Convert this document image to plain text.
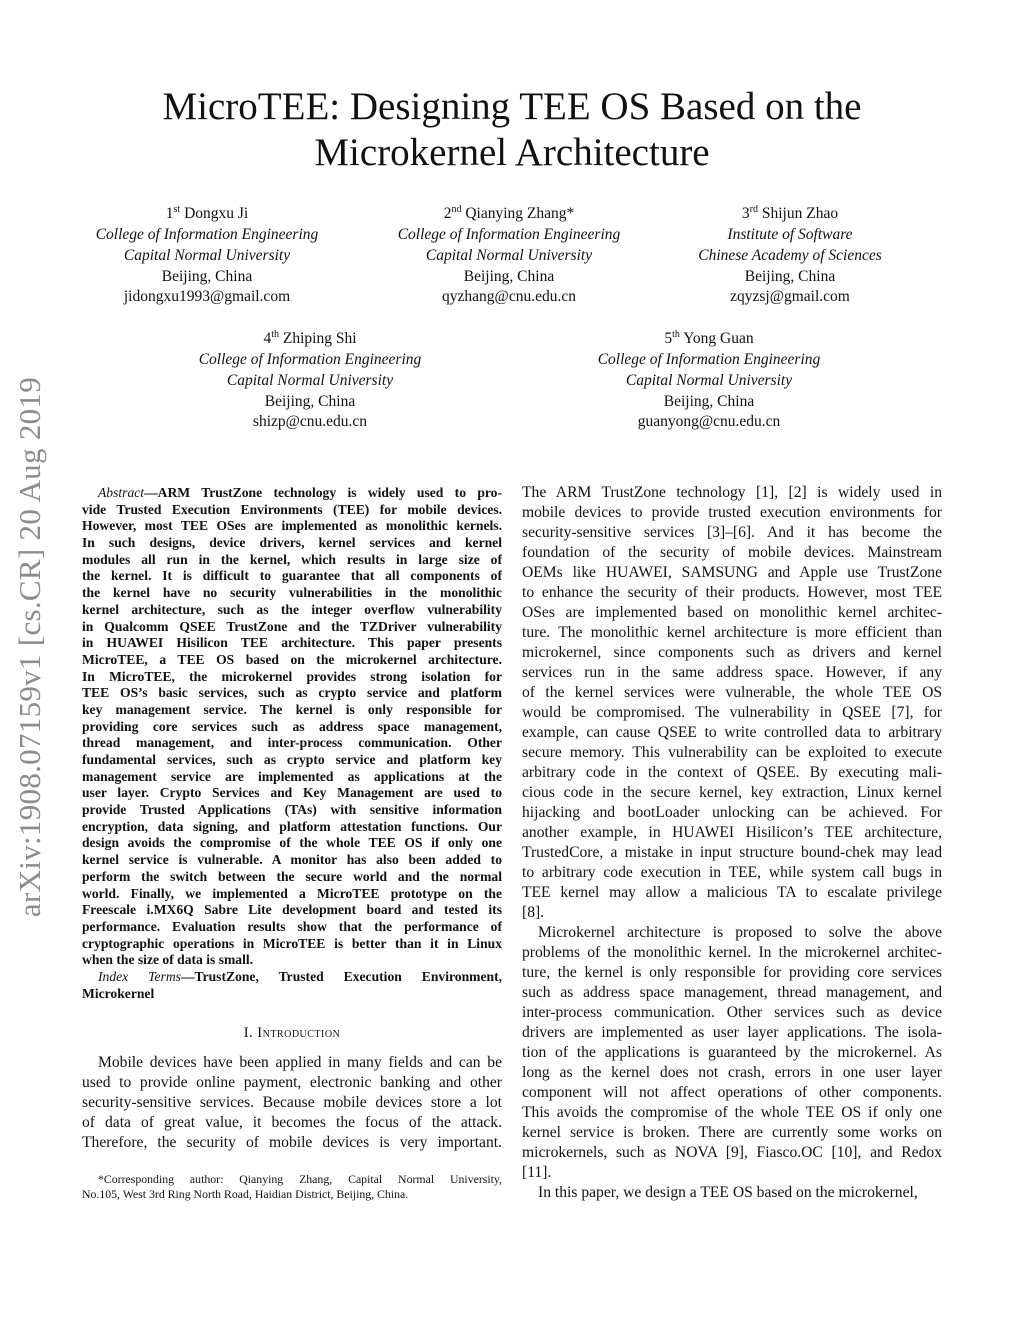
MicroTEE: Designing TEE OS Based on the
Microkernel Architecture
arXiv:1908.07159v1 [cs.CR] 20 Aug 2019
1st Dongxu Ji
College of Information Engineering
Capital Normal University
Beijing, China
jidongxu1993@gmail.com
2nd Qianying Zhang*
College of Information Engineering
Capital Normal University
Beijing, China
qyzhang@cnu.edu.cn
3rd Shijun Zhao
Institute of Software
Chinese Academy of Sciences
Beijing, China
zqyzsj@gmail.com
4th Zhiping Shi
College of Information Engineering
Capital Normal University
Beijing, China
shizp@cnu.edu.cn
5th Yong Guan
College of Information Engineering
Capital Normal University
Beijing, China
guanyong@cnu.edu.cn
Abstract—ARM TrustZone technology is widely used to pro-
vide Trusted Execution Environments (TEE) for mobile devices.
However, most TEE OSes are implemented as monolithic kernels.
In such designs, device drivers, kernel services and kernel
modules all run in the kernel, which results in large size of
the kernel. It is difficult to guarantee that all components of
the kernel have no security vulnerabilities in the monolithic
kernel architecture, such as the integer overflow vulnerability
in Qualcomm QSEE TrustZone and the TZDriver vulnerability
in HUAWEI Hisilicon TEE architecture. This paper presents
MicroTEE, a TEE OS based on the microkernel architecture.
In MicroTEE, the microkernel provides strong isolation for
TEE OS’s basic services, such as crypto service and platform
key management service. The kernel is only responsible for
providing core services such as address space management,
thread management, and inter-process communication. Other
fundamental services, such as crypto service and platform key
management service are implemented as applications at the
user layer. Crypto Services and Key Management are used to
provide Trusted Applications (TAs) with sensitive information
encryption, data signing, and platform attestation functions. Our
design avoids the compromise of the whole TEE OS if only one
kernel service is vulnerable. A monitor has also been added to
perform the switch between the secure world and the normal
world. Finally, we implemented a MicroTEE prototype on the
Freescale i.MX6Q Sabre Lite development board and tested its
performance. Evaluation results show that the performance of
cryptographic operations in MicroTEE is better than it in Linux
when the size of data is small.
Index Terms—TrustZone, Trusted Execution Environment,
Microkernel
I. Introduction
Mobile devices have been applied in many fields and can be
used to provide online payment, electronic banking and other
security-sensitive services. Because mobile devices store a lot
of data of great value, it becomes the focus of the attack.
Therefore, the security of mobile devices is very important.
*Corresponding author: Qianying Zhang, Capital Normal University,
No.105, West 3rd Ring North Road, Haidian District, Beijing, China.
The ARM TrustZone technology [1], [2] is widely used in
mobile devices to provide trusted execution environments for
security-sensitive services [3]–[6]. And it has become the
foundation of the security of mobile devices. Mainstream
OEMs like HUAWEI, SAMSUNG and Apple use TrustZone
to enhance the security of their products. However, most TEE
OSes are implemented based on monolithic kernel architec-
ture. The monolithic kernel architecture is more efficient than
microkernel, since components such as drivers and kernel
services run in the same address space. However, if any
of the kernel services were vulnerable, the whole TEE OS
would be compromised. The vulnerability in QSEE [7], for
example, can cause QSEE to write controlled data to arbitrary
secure memory. This vulnerability can be exploited to execute
arbitrary code in the context of QSEE. By executing mali-
cious code in the secure kernel, key extraction, Linux kernel
hijacking and bootLoader unlocking can be achieved. For
another example, in HUAWEI Hisilicon’s TEE architecture,
TrustedCore, a mistake in input structure bound-chek may lead
to arbitrary code execution in TEE, while system call bugs in
TEE kernel may allow a malicious TA to escalate privilege
[8].
Microkernel architecture is proposed to solve the above
problems of the monolithic kernel. In the microkernel architec-
ture, the kernel is only responsible for providing core services
such as address space management, thread management, and
inter-process communication. Other services such as device
drivers are implemented as user layer applications. The isola-
tion of the applications is guaranteed by the microkernel. As
long as the kernel does not crash, errors in one user layer
component will not affect operations of other components.
This avoids the compromise of the whole TEE OS if only one
kernel service is broken. There are currently some works on
microkernels, such as NOVA [9], Fiasco.OC [10], and Redox
[11].
In this paper, we design a TEE OS based on the microkernel,
